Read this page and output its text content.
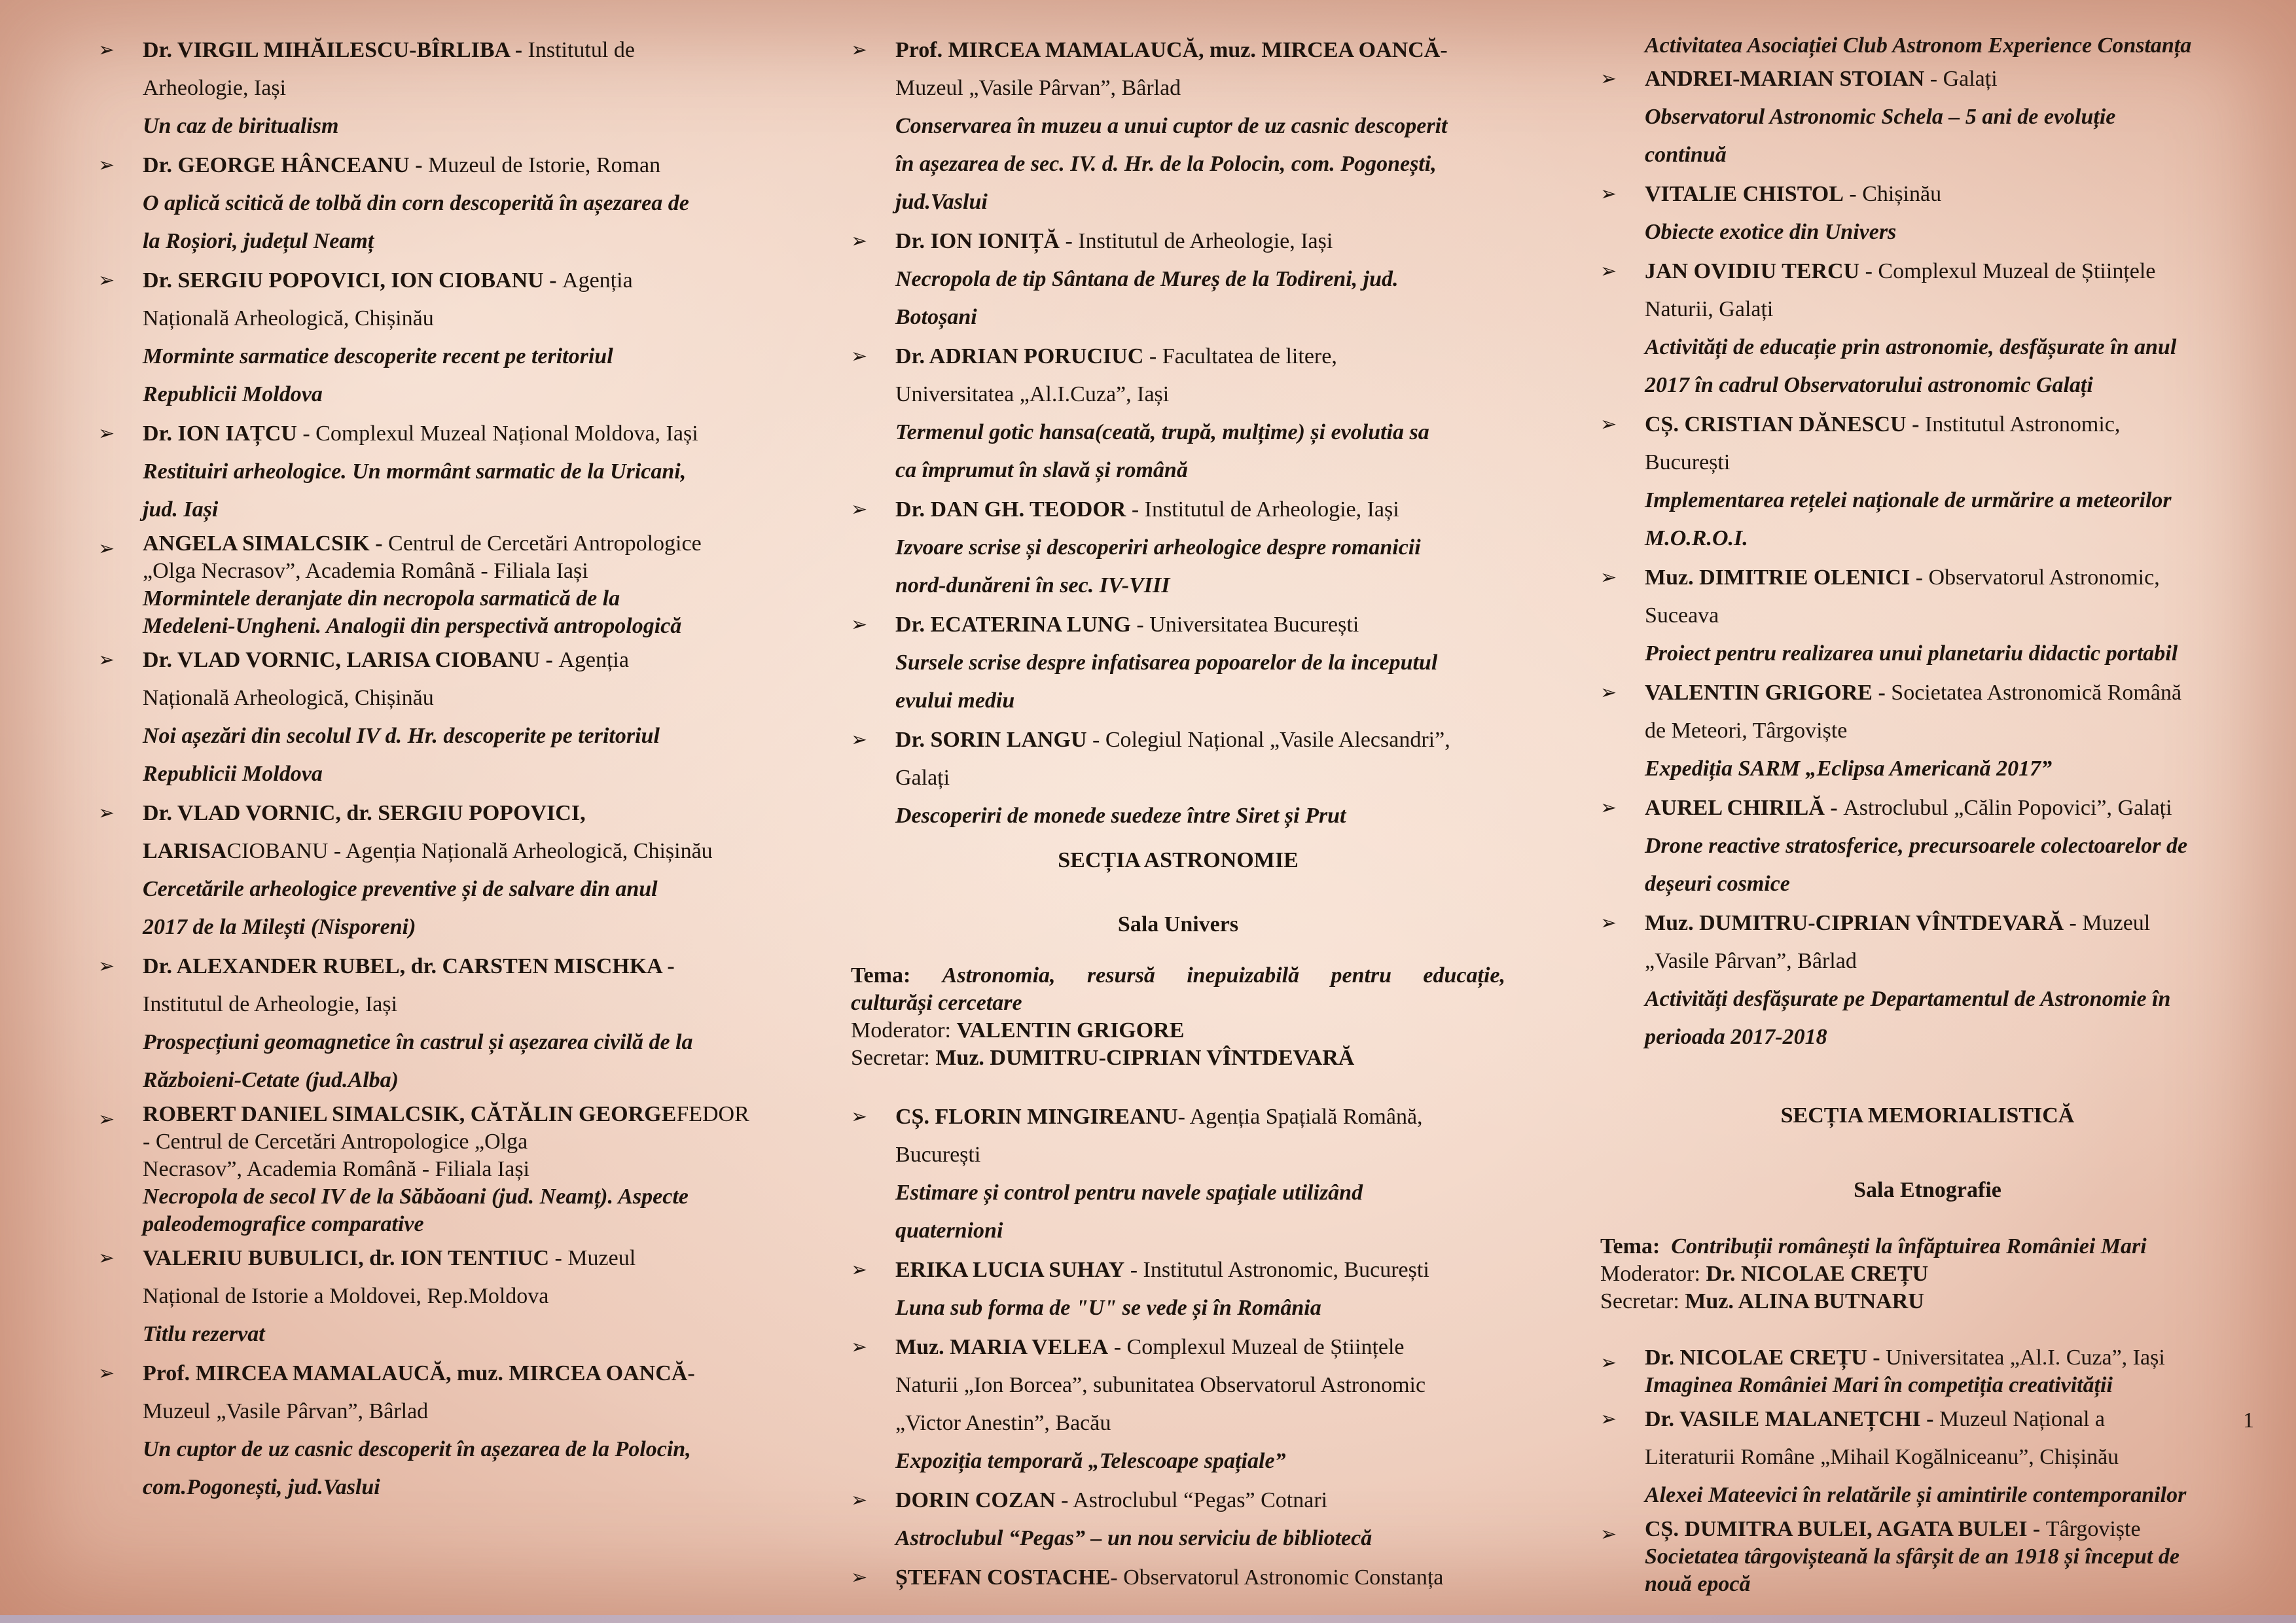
➢ Dr. VIRGIL MIHĂILESCU-BÎRLIBA - Institutul de
Arheologie, Iași
Un caz de biritualism
➢ Dr. GEORGE HÂNCEANU - Muzeul de Istorie, Roman
O aplică scitică de tolbă din corn descoperită în așezarea de
la Roșiori, județul Neamț
➢ Dr. SERGIU POPOVICI, ION CIOBANU - Agenția
Națională Arheologică, Chișinău
Morminte sarmatice descoperite recent pe teritoriul
Republicii Moldova
➢ Dr. ION IAȚCU - Complexul Muzeal Național Moldova, Iași
Restituiri arheologice. Un mormânt sarmatic de la Uricani,
jud. Iași
➢ ANGELA SIMALCSIK - Centrul de Cercetări Antropologice
„Olga Necrasov”, Academia Română - Filiala Iași
Mormintele deranjate din necropola sarmatică de la
Medeleni-Ungheni. Analogii din perspectivă antropologică
➢ Dr. VLAD VORNIC, LARISA CIOBANU - Agenția
Națională Arheologică, Chișinău
Noi așezări din secolul IV d. Hr. descoperite pe teritoriul
Republicii Moldova
➢ Dr. VLAD VORNIC, dr. SERGIU POPOVICI, LARISACIOBANU - Agenția Națională Arheologică, Chișinău
Cercetările arheologice preventive și de salvare din anul
2017 de la Milești (Nisporeni)
➢ Dr. ALEXANDER RUBEL, dr. CARSTEN MISCHKA -Institutul de Arheologie, Iași
Prospecțiuni geomagnetice în castrul și așezarea civilă de la
Războieni-Cetate (jud.Alba)
➢ ROBERT DANIEL SIMALCSIK, CĂTĂLIN GEORGEFEDOR - Centrul de Cercetări Antropologice „Olga
Necrasov”, Academia Română - Filiala Iași
Necropola de secol IV de la Săbăoani (jud. Neamț). Aspecte
paleodemografice comparative
➢ VALERIU BUBULICI, dr. ION TENTIUC - Muzeul
Național de Istorie a Moldovei, Rep.Moldova
Titlu rezervat
➢ Prof. MIRCEA MAMALAUCĂ, muz. MIRCEA OANCĂ- Muzeul „Vasile Pârvan”, Bârlad
Un cuptor de uz casnic descoperit în așezarea de la Polocin,
com.Pogonești, jud.Vaslui
➢ Prof. MIRCEA MAMALAUCĂ, muz. MIRCEA OANCĂ- Muzeul „Vasile Pârvan”, Bârlad
Conservarea în muzeu a unui cuptor de uz casnic descoperit
în așezarea de sec. IV. d. Hr. de la Polocin, com. Pogonești,
jud.Vaslui
➢ Dr. ION IONIȚĂ - Institutul de Arheologie, Iași
Necropola de tip Sântana de Mureș de la Todireni, jud.
Botoșani
➢ Dr. ADRIAN PORUCIUC - Facultatea de litere,
Universitatea „Al.I.Cuza”, Iași
Termenul gotic hansa(ceată, trupă, mulțime) și evolutia sa
ca împrumut în slavă și română
➢ Dr. DAN GH. TEODOR - Institutul de Arheologie, Iași
Izvoare scrise și descoperiri arheologice despre romanicii
nord-dunăreni în sec. IV-VIII
➢ Dr. ECATERINA LUNG - Universitatea București
Sursele scrise despre infatisarea popoarelor de la inceputul
evului mediu
➢ Dr. SORIN LANGU - Colegiul Național „Vasile Alecsandri”,
Galați
Descoperiri de monede suedeze între Siret și Prut
SECȚIA ASTRONOMIE
Sala Univers
Tema: Astronomia, resursă inepuizabilă pentru educație,
culturăși cercetare
Moderator: VALENTIN GRIGORE
Secretar: Muz. DUMITRU-CIPRIAN VÎNTDEVARĂ
➢ CȘ. FLORIN MINGIREANU- Agenția Spațială Română,
București
Estimare și control pentru navele spațiale utilizând
quaternioni
➢ ERIKA LUCIA SUHAY - Institutul Astronomic, București
Luna sub forma de "U" se vede și în România
➢ Muz. MARIA VELEA - Complexul Muzeal de Științele
Naturii „Ion Borcea”, subunitatea Observatorul Astronomic
„Victor Anestin”, Bacău
Expoziția temporară „Telescoape spațiale”
➢ DORIN COZAN - Astroclubul “Pegas” Cotnari
Astroclubul “Pegas” – un nou serviciu de bibliotecă
➢ ȘTEFAN COSTACHE- Observatorul Astronomic Constanța
Activitatea Asociației Club Astronom Experience Constanța
➢ ANDREI-MARIAN STOIAN - Galați
Observatorul Astronomic Schela – 5 ani de evoluție
continuă
➢ VITALIE CHISTOL - Chișinău
Obiecte exotice din Univers
➢ JAN OVIDIU TERCU - Complexul Muzeal de Științele
Naturii, Galați
Activități de educație prin astronomie, desfășurate în anul
2017 în cadrul Observatorului astronomic Galați
➢ CȘ. CRISTIAN DĂNESCU - Institutul Astronomic,
București
Implementarea rețelei naționale de urmărire a meteorilor
M.O.R.O.I.
➢ Muz. DIMITRIE OLENICI - Observatorul Astronomic,
Suceava
Proiect pentru realizarea unui planetariu didactic portabil
➢ VALENTIN GRIGORE - Societatea Astronomică Română
de Meteori, Târgoviște
Expediția SARM „Eclipsa Americană 2017”
➢ AUREL CHIRILĂ - Astroclubul „Călin Popovici”, Galați
Drone reactive stratosferice, precursoarele colectoarelor de
deșeuri cosmice
➢ Muz. DUMITRU-CIPRIAN VÎNTDEVARĂ - Muzeul
„Vasile Pârvan”, Bârlad
Activități desfășurate pe Departamentul de Astronomie în
perioada 2017-2018
SECȚIA MEMORIALISTICĂ
Sala Etnografie
Tema: Contribuții românești la înfăptuirea României Mari
Moderator: Dr. NICOLAE CREȚU
Secretar: Muz. ALINA BUTNARU
➢ Dr. NICOLAE CREȚU - Universitatea „Al.I. Cuza”, Iași
Imaginea României Mari în competiția creativității
➢ Dr. VASILE MALANEȚCHI - Muzeul Național a
Literaturii Române „Mihail Kogălniceanu”, Chișinău
Alexei Mateevici în relatările și amintirile contemporanilor
➢ CȘ. DUMITRA BULEI, AGATA BULEI - Târgoviște
Societatea târgovișteană la sfârșit de an 1918 și început de
nouă epocă
1
